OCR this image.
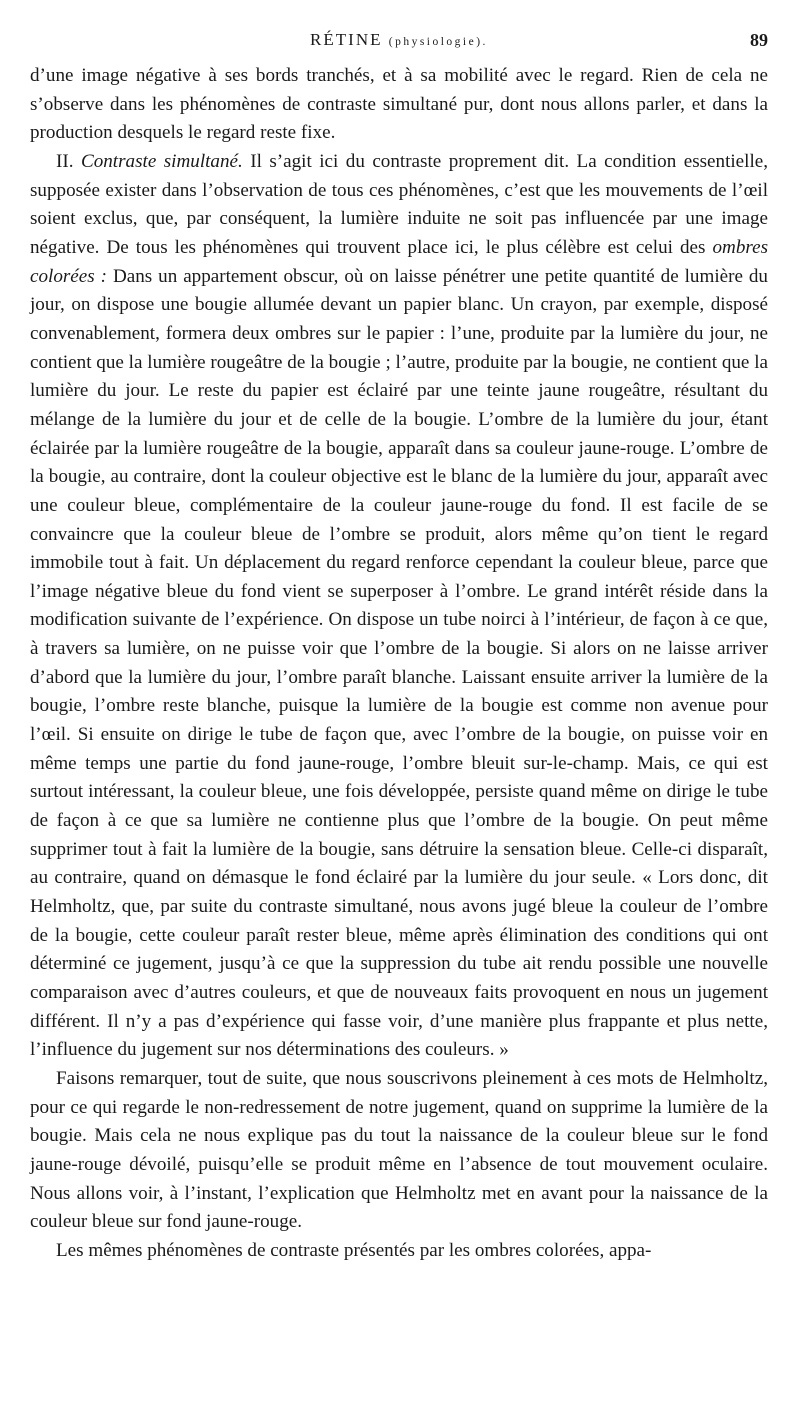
RÉTINE (physiologie).	89

d’une image négative à ses bords tranchés, et à sa mobilité avec le regard. Rien de cela ne s’observe dans les phénomènes de contraste simultané pur, dont nous allons parler, et dans la production desquels le regard reste fixe.

II. Contraste simultané. Il s’agit ici du contraste proprement dit. La condition essentielle, supposée exister dans l’observation de tous ces phénomènes, c’est que les mouvements de l’œil soient exclus, que, par conséquent, la lumière induite ne soit pas influencée par une image négative. De tous les phénomènes qui trouvent place ici, le plus célèbre est celui des ombres colorées : Dans un appartement obscur, où on laisse pénétrer une petite quantité de lumière du jour, on dispose une bougie allumée devant un papier blanc. Un crayon, par exemple, disposé convenablement, formera deux ombres sur le papier : l’une, produite par la lumière du jour, ne contient que la lumière rougeâtre de la bougie ; l’autre, produite par la bougie, ne contient que la lumière du jour. Le reste du papier est éclairé par une teinte jaune rougeâtre, résultant du mélange de la lumière du jour et de celle de la bougie. L’ombre de la lumière du jour, étant éclairée par la lumière rougeâtre de la bougie, apparaît dans sa couleur jaune-rouge. L’ombre de la bougie, au contraire, dont la couleur objective est le blanc de la lumière du jour, apparaît avec une couleur bleue, complémentaire de la couleur jaune-rouge du fond. Il est facile de se convaincre que la couleur bleue de l’ombre se produit, alors même qu’on tient le regard immobile tout à fait. Un déplacement du regard renforce cependant la couleur bleue, parce que l’image négative bleue du fond vient se superposer à l’ombre. Le grand intérêt réside dans la modification suivante de l’expérience. On dispose un tube noirci à l’intérieur, de façon à ce que, à travers sa lumière, on ne puisse voir que l’ombre de la bougie. Si alors on ne laisse arriver d’abord que la lumière du jour, l’ombre paraît blanche. Laissant ensuite arriver la lumière de la bougie, l’ombre reste blanche, puisque la lumière de la bougie est comme non avenue pour l’œil. Si ensuite on dirige le tube de façon que, avec l’ombre de la bougie, on puisse voir en même temps une partie du fond jaune-rouge, l’ombre bleuit sur-le-champ. Mais, ce qui est surtout intéressant, la couleur bleue, une fois développée, persiste quand même on dirige le tube de façon à ce que sa lumière ne contienne plus que l’ombre de la bougie. On peut même supprimer tout à fait la lumière de la bougie, sans détruire la sensation bleue. Celle-ci disparaît, au contraire, quand on démasque le fond éclairé par la lumière du jour seule. « Lors donc, dit Helmholtz, que, par suite du contraste simultané, nous avons jugé bleue la couleur de l’ombre de la bougie, cette couleur paraît rester bleue, même après élimination des conditions qui ont déterminé ce jugement, jusqu’à ce que la suppression du tube ait rendu possible une nouvelle comparaison avec d’autres couleurs, et que de nouveaux faits provoquent en nous un jugement différent. Il n’y a pas d’expérience qui fasse voir, d’une manière plus frappante et plus nette, l’influence du jugement sur nos déterminations des couleurs. »

Faisons remarquer, tout de suite, que nous souscrivons pleinement à ces mots de Helmholtz, pour ce qui regarde le non-redressement de notre jugement, quand on supprime la lumière de la bougie. Mais cela ne nous explique pas du tout la naissance de la couleur bleue sur le fond jaune-rouge dévoilé, puisqu’elle se produit même en l’absence de tout mouvement oculaire. Nous allons voir, à l’instant, l’explication que Helmholtz met en avant pour la naissance de la couleur bleue sur fond jaune-rouge.

Les mêmes phénomènes de contraste présentés par les ombres colorées, appa-
